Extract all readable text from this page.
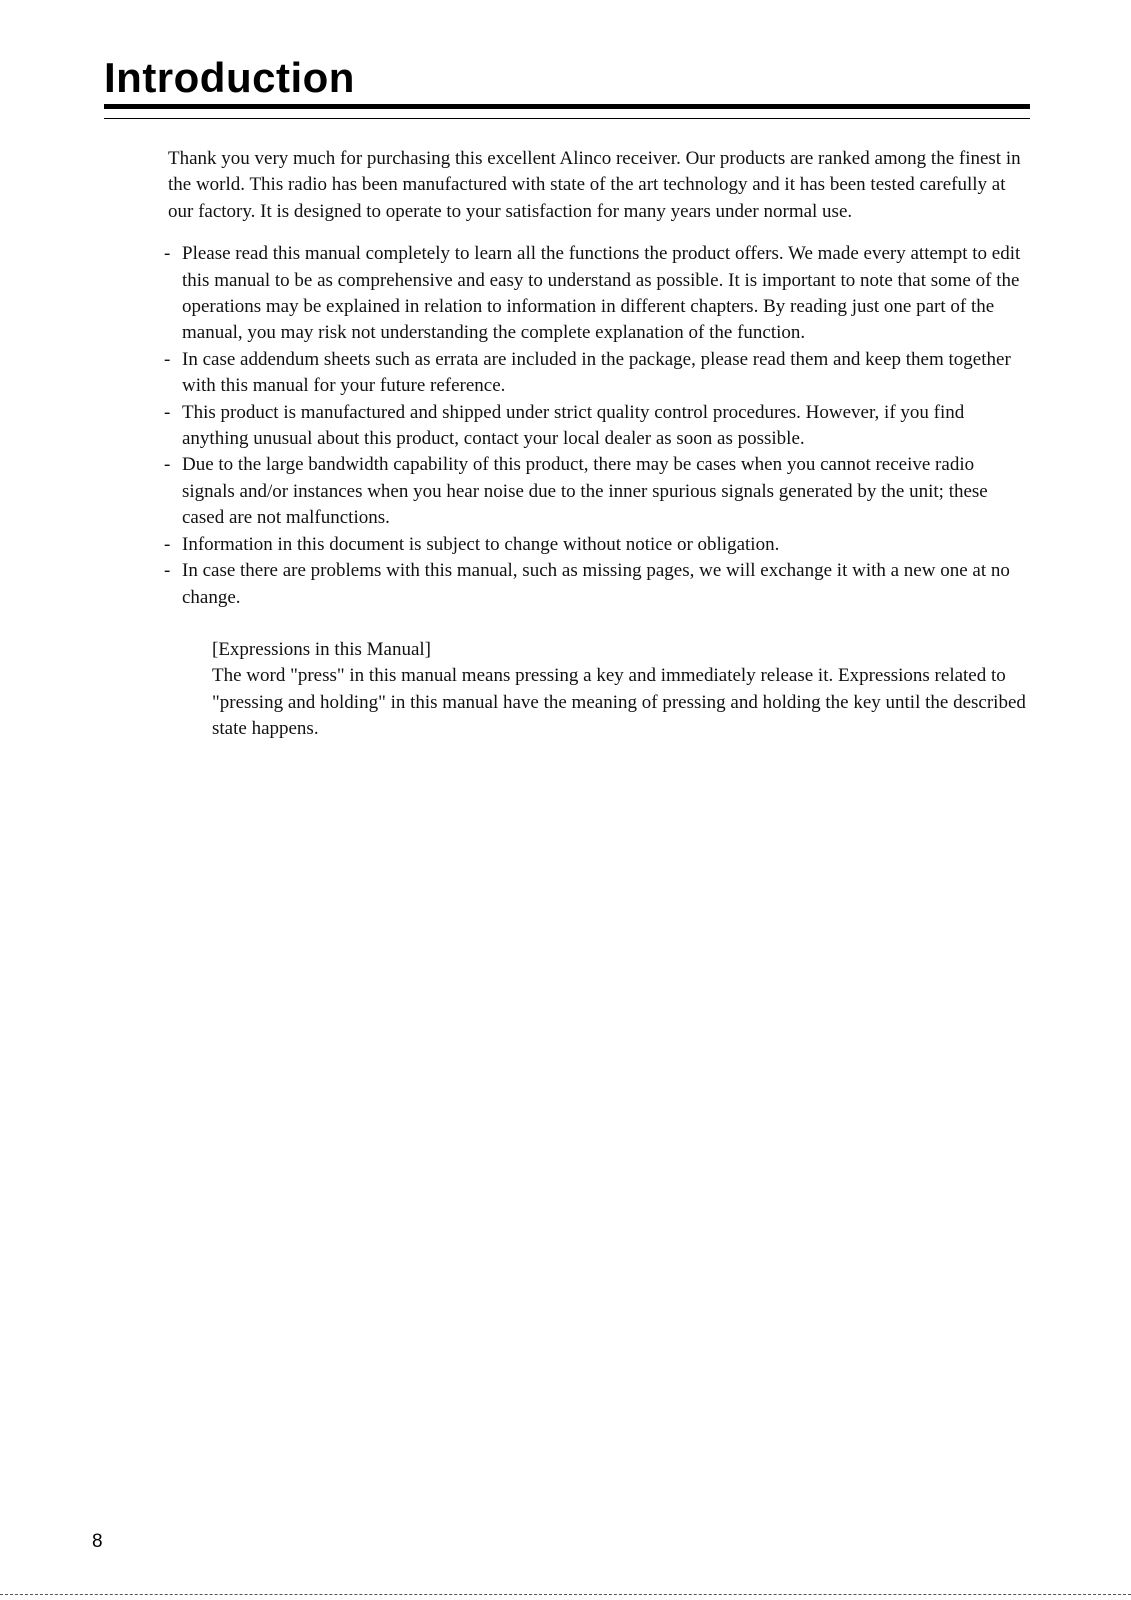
Introduction

Thank you very much for purchasing this excellent Alinco receiver. Our products are ranked among the finest in the world. This radio has been manufactured with state of the art technology and it has been tested carefully at our factory. It is designed to operate to your satisfaction for many years under normal use.

- Please read this manual completely to learn all the functions the product offers. We made every attempt to edit this manual to be as comprehensive and easy to understand as possible. It is important to note that some of the operations may be explained in relation to information in different chapters. By reading just one part of the manual, you may risk not understanding the complete explanation of the function.
- In case addendum sheets such as errata are included in the package, please read them and keep them together with this manual for your future reference.
- This product is manufactured and shipped under strict quality control procedures. However, if you find anything unusual about this product, contact your local dealer as soon as possible.
- Due to the large bandwidth capability of this product, there may be cases when you cannot receive radio signals and/or instances when you hear noise due to the inner spurious signals generated by the unit; these cased are not malfunctions.
- Information in this document is subject to change without notice or obligation.
- In case there are problems with this manual, such as missing pages, we will exchange it with a new one at no change.

[Expressions in this Manual]

The word "press" in this manual means pressing a key and immediately release it. Expressions related to "pressing and holding" in this manual have the meaning of pressing and holding the key until the described state happens.

8
